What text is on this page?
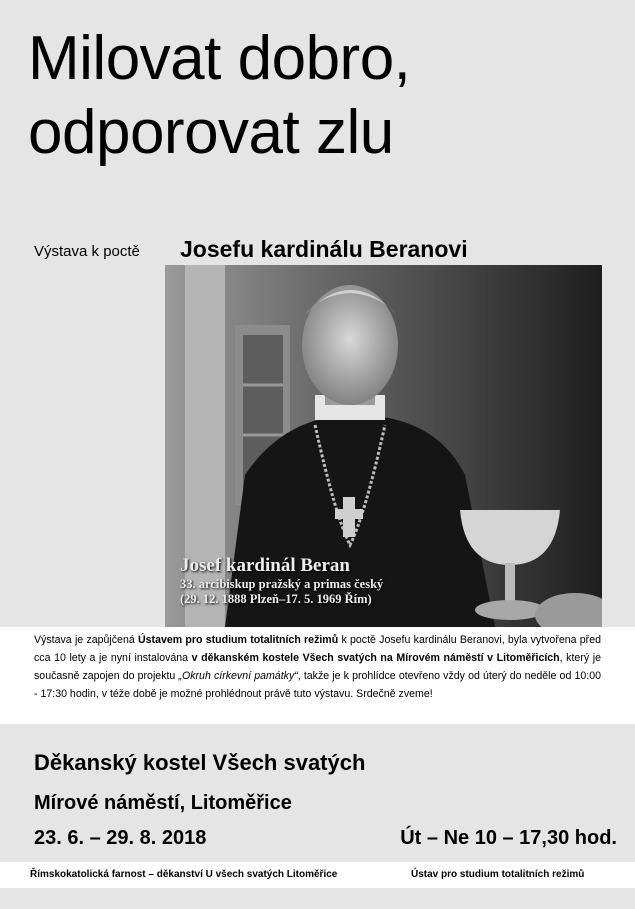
Milovat dobro,
odporovat zlu
Výstava k poctě Josefu kardinálu Beranovi
Josef kardinál Beran
33. arcibiskup pražský a primas český
(29. 12. 1888 Plzeň–17. 5. 1969 Řím)

Výstava je zapůjčená Ústavem pro studium totalitních režimů k poctě Josefu kardinálu Beranovi, byla vytvořena před cca 10 lety a je nyní instalována v děkanském kostele Všech svatých na Mírovém náměstí v Litoměřicích, který je současně zapojen do projektu „Okruh církevní památky“, takže je k prohlídce otevřeno vždy od úterý do neděle od 10:00 - 17:30 hodin, v téže době je možné prohlédnout právě tuto výstavu. Srdečně zveme!

Děkanský kostel Všech svatých
Mírové náměstí, Litoměřice
23. 6. – 29. 8. 2018	Út – Ne 10 – 17,30 hod.
Římskokatolická farnost – děkanství U všech svatých Litoměřice	Ústav pro studium totalitních režimů
